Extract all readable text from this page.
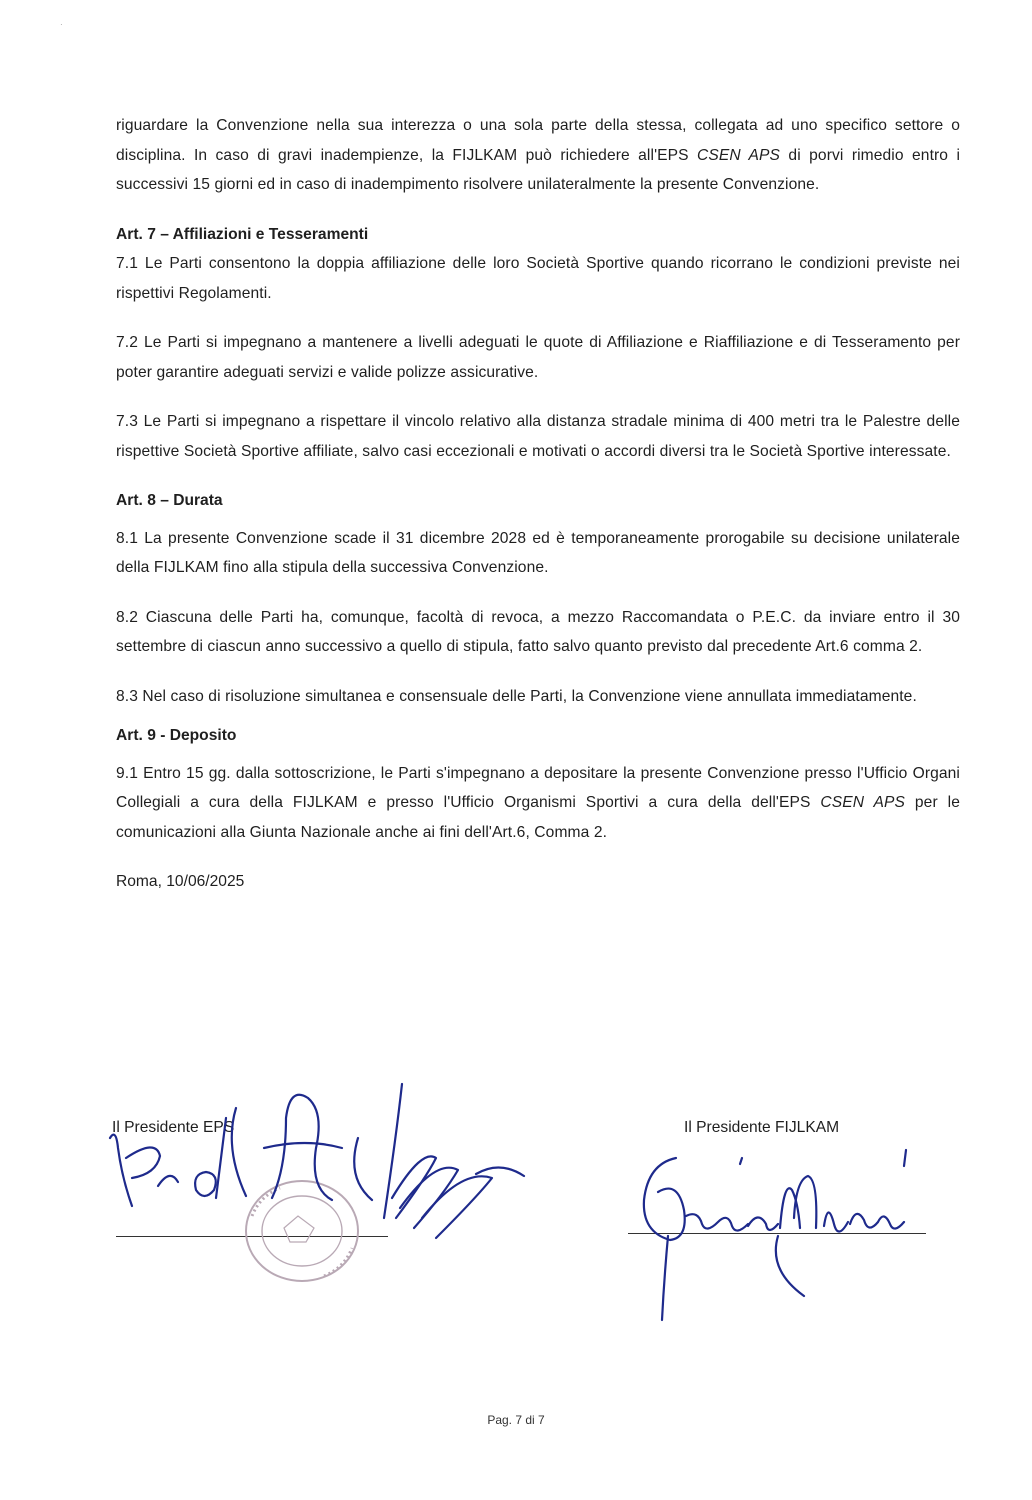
·

riguardare la Convenzione nella sua interezza o una sola parte della stessa, collegata ad uno specifico settore o disciplina. In caso di gravi inadempienze, la FIJLKAM può richiedere all'EPS CSEN APS di porvi rimedio entro i successivi 15 giorni ed in caso di inadempimento risolvere unilateralmente la presente Convenzione.

Art. 7 – Affiliazioni e Tesseramenti

7.1 Le Parti consentono la doppia affiliazione delle loro Società Sportive quando ricorrano le condizioni previste nei rispettivi Regolamenti.

7.2 Le Parti si impegnano a mantenere a livelli adeguati le quote di Affiliazione e Riaffiliazione e di Tesseramento per poter garantire adeguati servizi e valide polizze assicurative.

7.3 Le Parti si impegnano a rispettare il vincolo relativo alla distanza stradale minima di 400 metri tra le Palestre delle rispettive Società Sportive affiliate, salvo casi eccezionali e motivati o accordi diversi tra le Società Sportive interessate.

Art. 8 – Durata

8.1 La presente Convenzione scade il 31 dicembre 2028 ed è temporaneamente prorogabile su decisione unilaterale della FIJLKAM fino alla stipula della successiva Convenzione.

8.2 Ciascuna delle Parti ha, comunque, facoltà di revoca, a mezzo Raccomandata o P.E.C. da inviare entro il 30 settembre di ciascun anno successivo a quello di stipula, fatto salvo quanto previsto dal precedente Art.6 comma 2.

8.3 Nel caso di risoluzione simultanea e consensuale delle Parti, la Convenzione viene annullata immediatamente.

Art. 9 - Deposito

9.1 Entro 15 gg. dalla sottoscrizione, le Parti s'impegnano a depositare la presente Convenzione presso l'Ufficio Organi Collegiali a cura della FIJLKAM e presso l'Ufficio Organismi Sportivi a cura della dell'EPS CSEN APS per le comunicazioni alla Giunta Nazionale anche ai fini dell'Art.6, Comma 2.

Roma, 10/06/2025

Il Presidente EPS	Il Presidente FIJLKAM
Pag. 7 di 7
